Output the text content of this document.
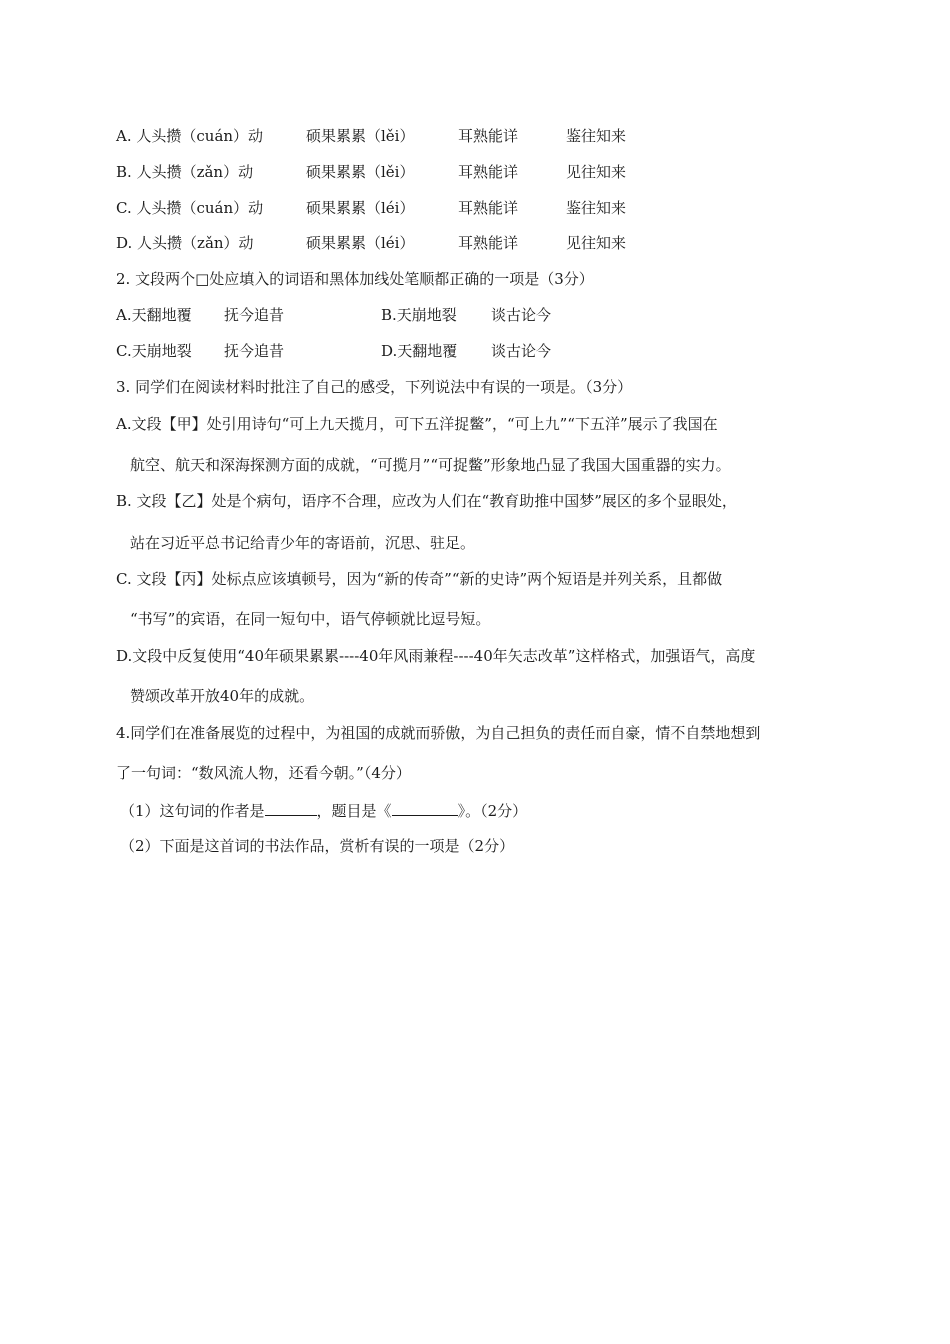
A. 人头攒（cuán）动	硕果累累（lěi）	耳熟能详	鉴往知来
B. 人头攒（zǎn）动	硕果累累（lěi）	耳熟能详	见往知来
C. 人头攒（cuán）动	硕果累累（léi）	耳熟能详	鉴往知来
D. 人头攒（zǎn）动	硕果累累（léi）	耳熟能详	见往知来
2. 文段两个□处应填入的词语和黑体加线处笔顺都正确的一项是（3分）
A.天翻地覆 抚今追昔	B.天崩地裂 谈古论今
C.天崩地裂 抚今追昔	D.天翻地覆 谈古论今
3. 同学们在阅读材料时批注了自己的感受，下列说法中有误的一项是。（3分）
A.文段【甲】处引用诗句“可上九天揽月，可下五洋捉鳖”，“可上九”“下五洋”展示了我国在
航空、航天和深海探测方面的成就，“可揽月”“可捉鳖”形象地凸显了我国大国重器的实力。
B. 文段【乙】处是个病句，语序不合理，应改为人们在“教育助推中国梦”展区的多个显眼处，
站在习近平总书记给青少年的寄语前，沉思、驻足。
C. 文段【丙】处标点应该填顿号，因为“新的传奇”“新的史诗”两个短语是并列关系，且都做
“书写”的宾语，在同一短句中，语气停顿就比逗号短。
D.文段中反复使用“40年硕果累累----40年风雨兼程----40年矢志改革”这样格式，加强语气，高度
赞颂改革开放40年的成就。
4.同学们在准备展览的过程中，为祖国的成就而骄傲，为自己担负的责任而自豪，情不自禁地想到
了一句词：“数风流人物，还看今朝。”（4分）
（1）这句词的作者是	，题目是《	》。（2分）
（2）下面是这首词的书法作品，赏析有误的一项是（2分）
